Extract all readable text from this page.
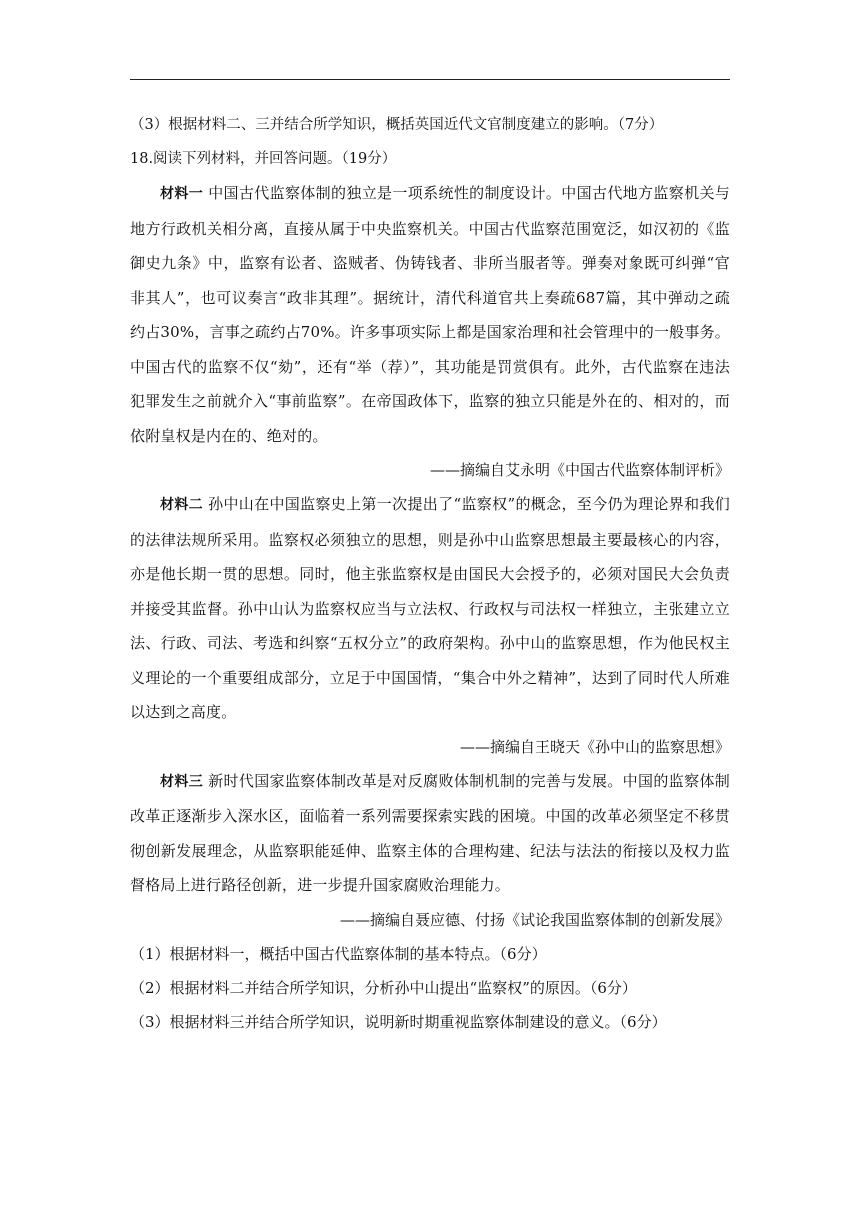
（3）根据材料二、三并结合所学知识，概括英国近代文官制度建立的影响。（7分）

18.阅读下列材料，并回答问题。（19分）

材料一 中国古代监察体制的独立是一项系统性的制度设计。中国古代地方监察机关与地方行政机关相分离，直接从属于中央监察机关。中国古代监察范围宽泛，如汉初的《监御史九条》中，监察有讼者、盗贼者、伪铸钱者、非所当服者等。弹奏对象既可纠弹“官非其人”，也可议奏言“政非其理”。据统计，清代科道官共上奏疏687篇，其中弹动之疏约占30%，言事之疏约占70%。许多事项实际上都是国家治理和社会管理中的一般事务。中国古代的监察不仅“劾”，还有“举（荐）”，其功能是罚赏俱有。此外，古代监察在违法犯罪发生之前就介入“事前监察”。在帝国政体下，监察的独立只能是外在的、相对的，而依附皇权是内在的、绝对的。

——摘编自艾永明《中国古代监察体制评析》

材料二 孙中山在中国监察史上第一次提出了“监察权”的概念，至今仍为理论界和我们的法律法规所采用。监察权必须独立的思想，则是孙中山监察思想最主要最核心的内容，亦是他长期一贯的思想。同时，他主张监察权是由国民大会授予的，必须对国民大会负责并接受其监督。孙中山认为监察权应当与立法权、行政权与司法权一样独立，主张建立立法、行政、司法、考选和纠察“五权分立”的政府架构。孙中山的监察思想，作为他民权主义理论的一个重要组成部分，立足于中国国情，“集合中外之精神”，达到了同时代人所难以达到之高度。

——摘编自王晓天《孙中山的监察思想》

材料三 新时代国家监察体制改革是对反腐败体制机制的完善与发展。中国的监察体制改革正逐渐步入深水区，面临着一系列需要探索实践的困境。中国的改革必须坚定不移贯彻创新发展理念，从监察职能延伸、监察主体的合理构建、纪法与法法的衔接以及权力监督格局上进行路径创新，进一步提升国家腐败治理能力。

——摘编自聂应德、付扬《试论我国监察体制的创新发展》

（1）根据材料一，概括中国古代监察体制的基本特点。（6分）

（2）根据材料二并结合所学知识，分析孙中山提出“监察权”的原因。（6分）

（3）根据材料三并结合所学知识，说明新时期重视监察体制建设的意义。（6分）
